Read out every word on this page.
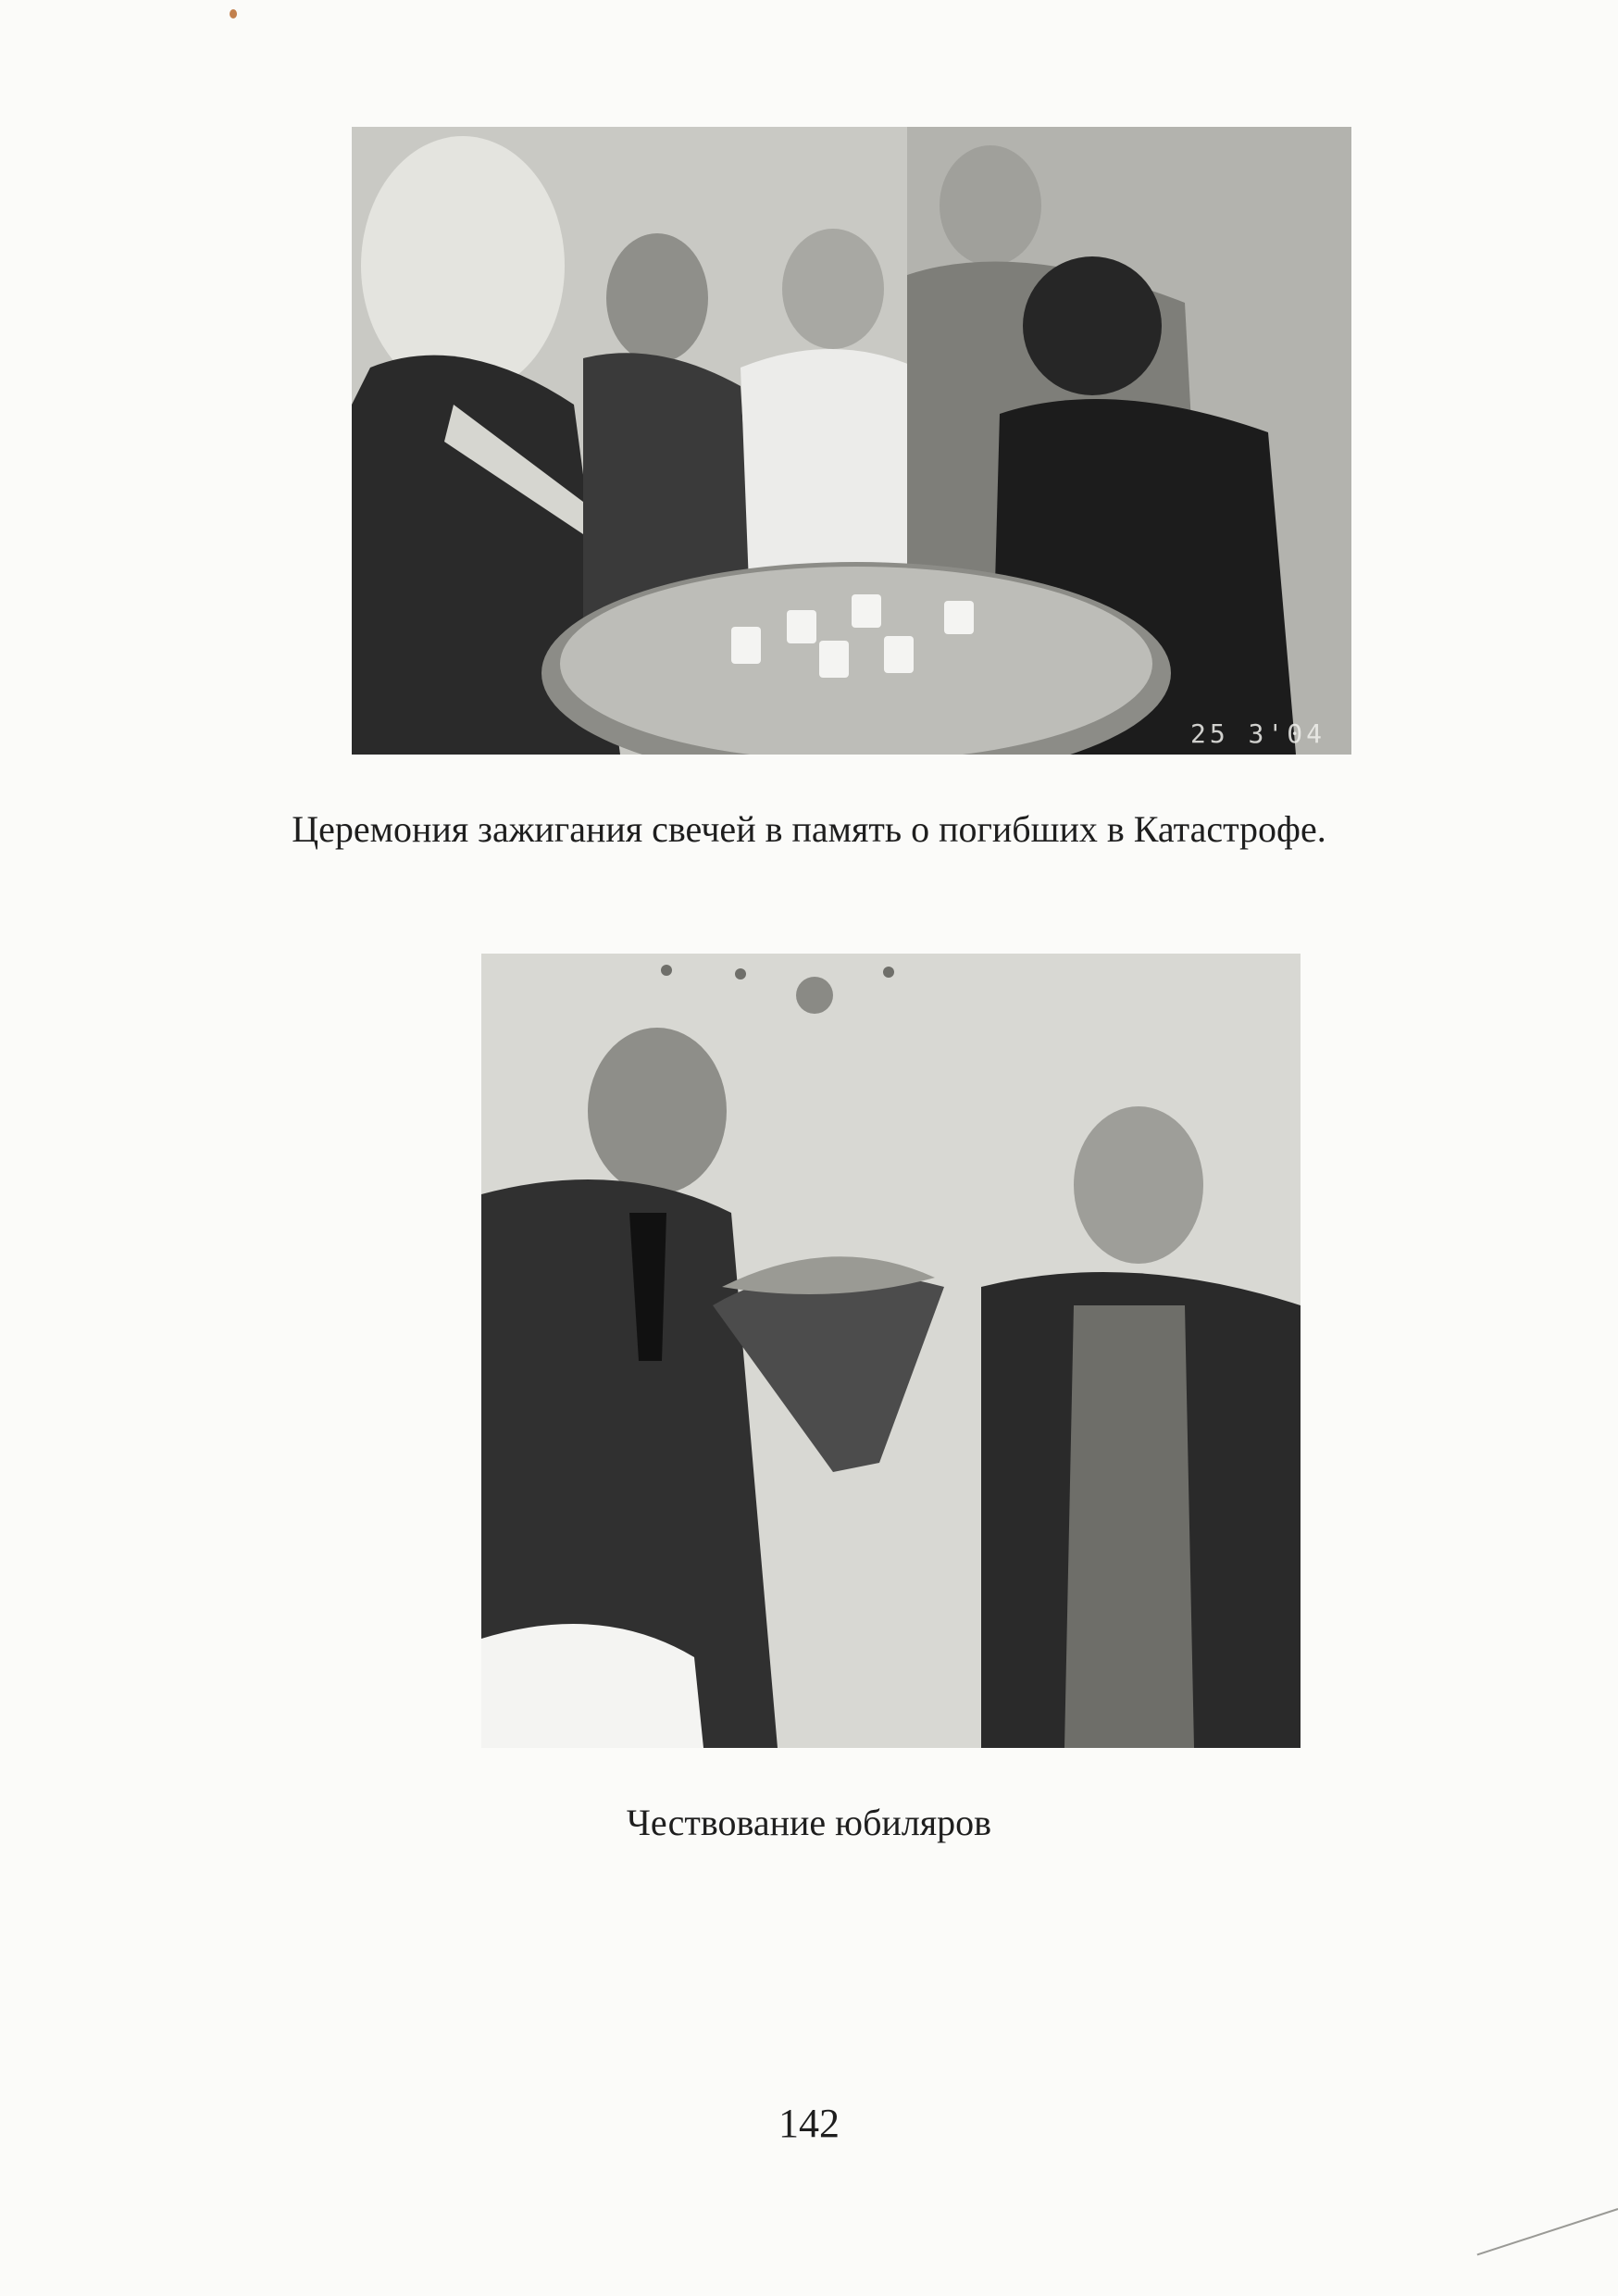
25 3'04
Церемония зажигания свечей в память о погибших в Катастрофе.
Чествование юбиляров
142
